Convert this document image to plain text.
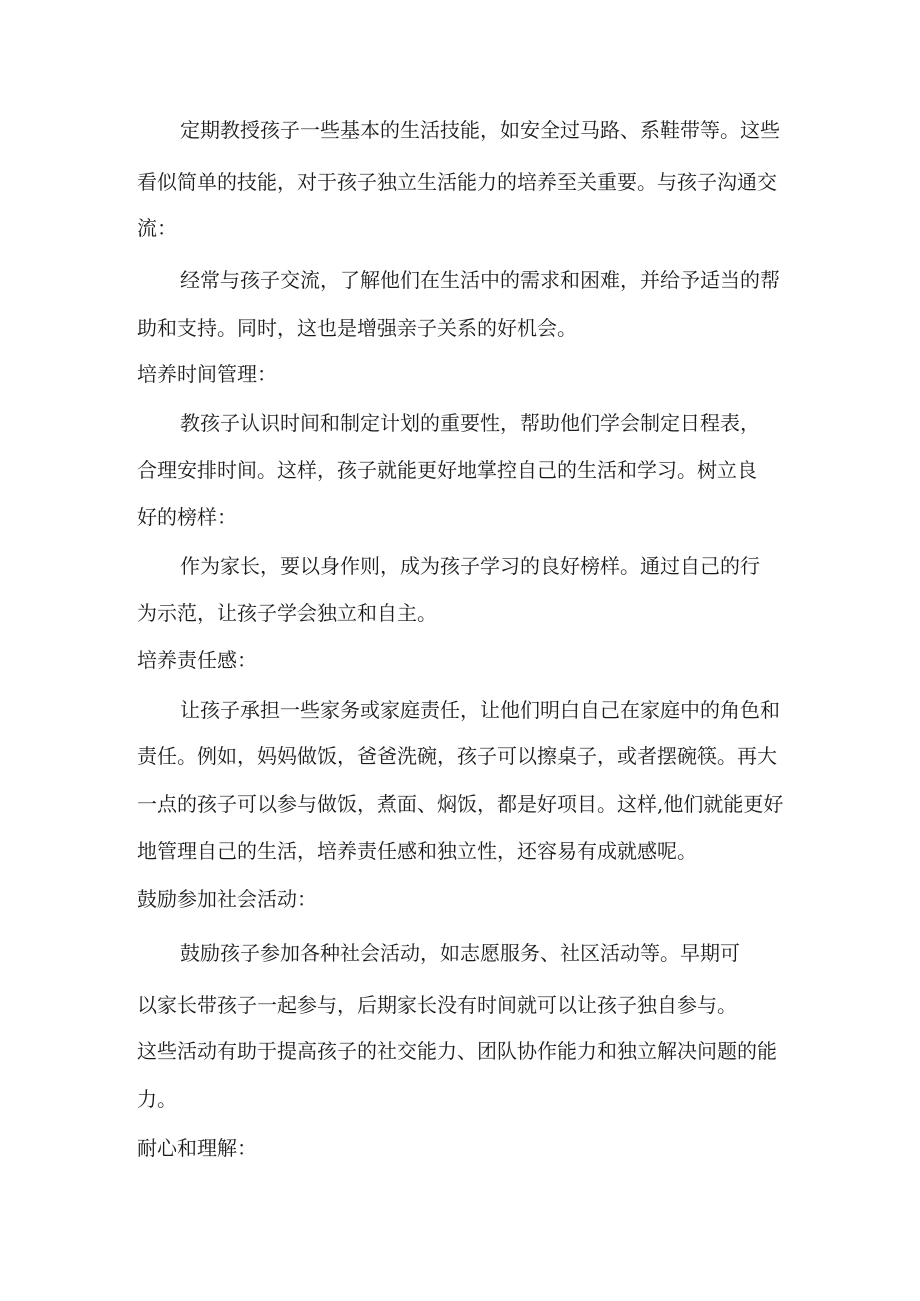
定期教授孩子一些基本的生活技能，如安全过马路、系鞋带等。这些
看似简单的技能，对于孩子独立生活能力的培养至关重要。与孩子沟通交
流：
经常与孩子交流，了解他们在生活中的需求和困难，并给予适当的帮
助和支持。同时，这也是增强亲子关系的好机会。
培养时间管理：
教孩子认识时间和制定计划的重要性，帮助他们学会制定日程表，
合理安排时间。这样，孩子就能更好地掌控自己的生活和学习。树立良
好的榜样：
作为家长，要以身作则，成为孩子学习的良好榜样。通过自己的行
为示范，让孩子学会独立和自主。
培养责任感：
让孩子承担一些家务或家庭责任，让他们明白自己在家庭中的角色和
责任。例如，妈妈做饭，爸爸洗碗，孩子可以擦桌子，或者摆碗筷。再大
一点的孩子可以参与做饭，煮面、焖饭，都是好项目。这样,他们就能更好
地管理自己的生活，培养责任感和独立性，还容易有成就感呢。
鼓励参加社会活动：
鼓励孩子参加各种社会活动，如志愿服务、社区活动等。早期可
以家长带孩子一起参与，后期家长没有时间就可以让孩子独自参与。
这些活动有助于提高孩子的社交能力、团队协作能力和独立解决问题的能
力。
耐心和理解：
